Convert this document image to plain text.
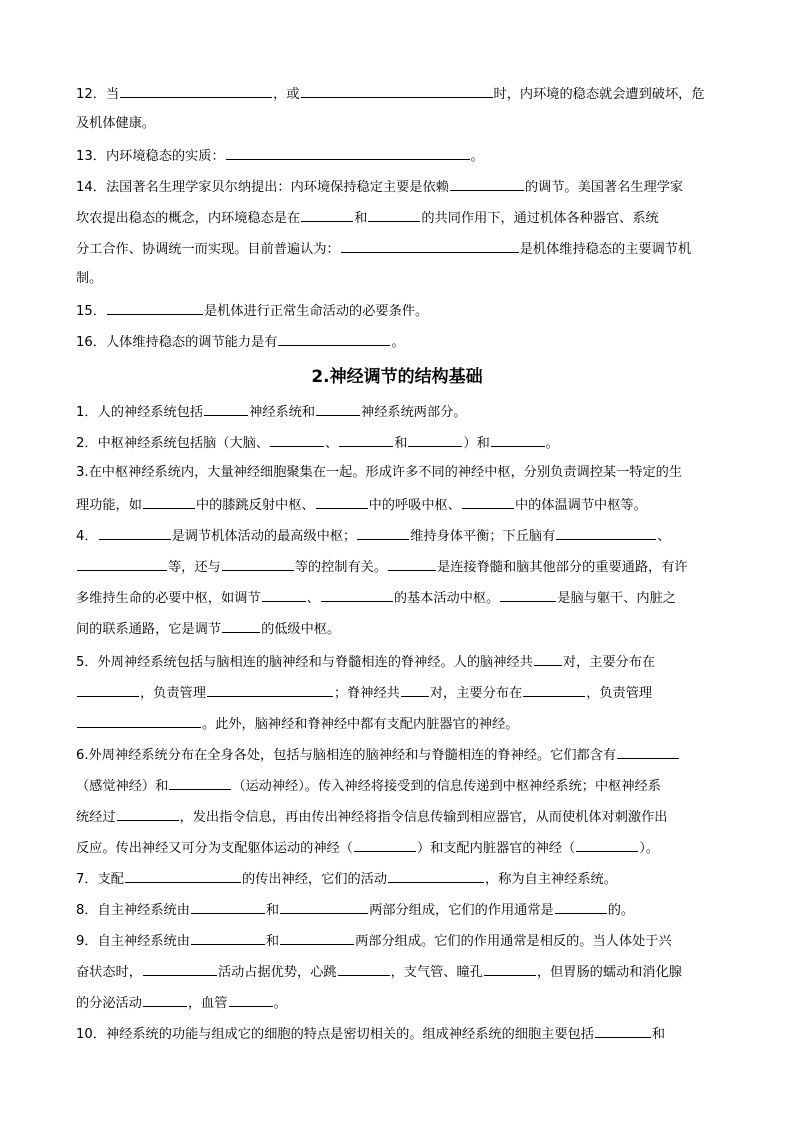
12．当	，或	时，内环境的稳态就会遭到破坏，危
及机体健康。
13．内环境稳态的实质：	。
14．法国著名生理学家贝尔纳提出：内环境保持稳定主要是依赖	的调节。美国著名生理学家
坎农提出稳态的概念，内环境稳态是在	和	的共同作用下，通过机体各种器官、系统
分工合作、协调统一而实现。目前普遍认为：	是机体维持稳态的主要调节机
制。
15．	是机体进行正常生命活动的必要条件。
16．人体维持稳态的调节能力是有	。
1．人的神经系统包括	神经系统和	神经系统两部分。
2．中枢神经系统包括脑（大脑、	、	和	）和	。
3.在中枢神经系统内，大量神经细胞聚集在一起。形成许多不同的神经中枢，分别负责调控某一特定的生
理功能，如	中的膝跳反射中枢、	中的呼吸中枢、	中的体温调节中枢等。
4．	是调节机体活动的最高级中枢；	维持身体平衡；下丘脑有	、
等，还与	等的控制有关。	是连接脊髓和脑其他部分的重要通路，有许
多维持生命的必要中枢，如调节	、	的基本活动中枢。	是脑与躯干、内脏之
间的联系通路，它是调节	的低级中枢。
5．外周神经系统包括与脑相连的脑神经和与脊髓相连的脊神经。人的脑神经共 对，主要分布在
，负责管理	；脊神经共 对，主要分布在	，负责管理
。此外，脑神经和脊神经中都有支配内脏器官的神经。
6.外周神经系统分布在全身各处，包括与脑相连的脑神经和与脊髓相连的脊神经。它们都含有
（感觉神经）和	（运动神经）。传入神经将接受到的信息传递到中枢神经系统；中枢神经系
统经过	，发出指令信息，再由传出神经将指令信息传输到相应器官，从而使机体对刺激作出
反应。传出神经又可分为支配躯体运动的神经（	）和支配内脏器官的神经（	）。
7．支配	的传出神经，它们的活动	，称为自主神经系统。
8．自主神经系统由	和	两部分组成，它们的作用通常是	的。
9．自主神经系统由	和	两部分组成。它们的作用通常是相反的。当人体处于兴
奋状态时，	活动占据优势，心跳	，支气管、瞳孔	，但胃肠的蠕动和消化腺
的分泌活动	，血管	。
10．神经系统的功能与组成它的细胞的特点是密切相关的。组成神经系统的细胞主要包括	和
2.神经调节的结构基础
